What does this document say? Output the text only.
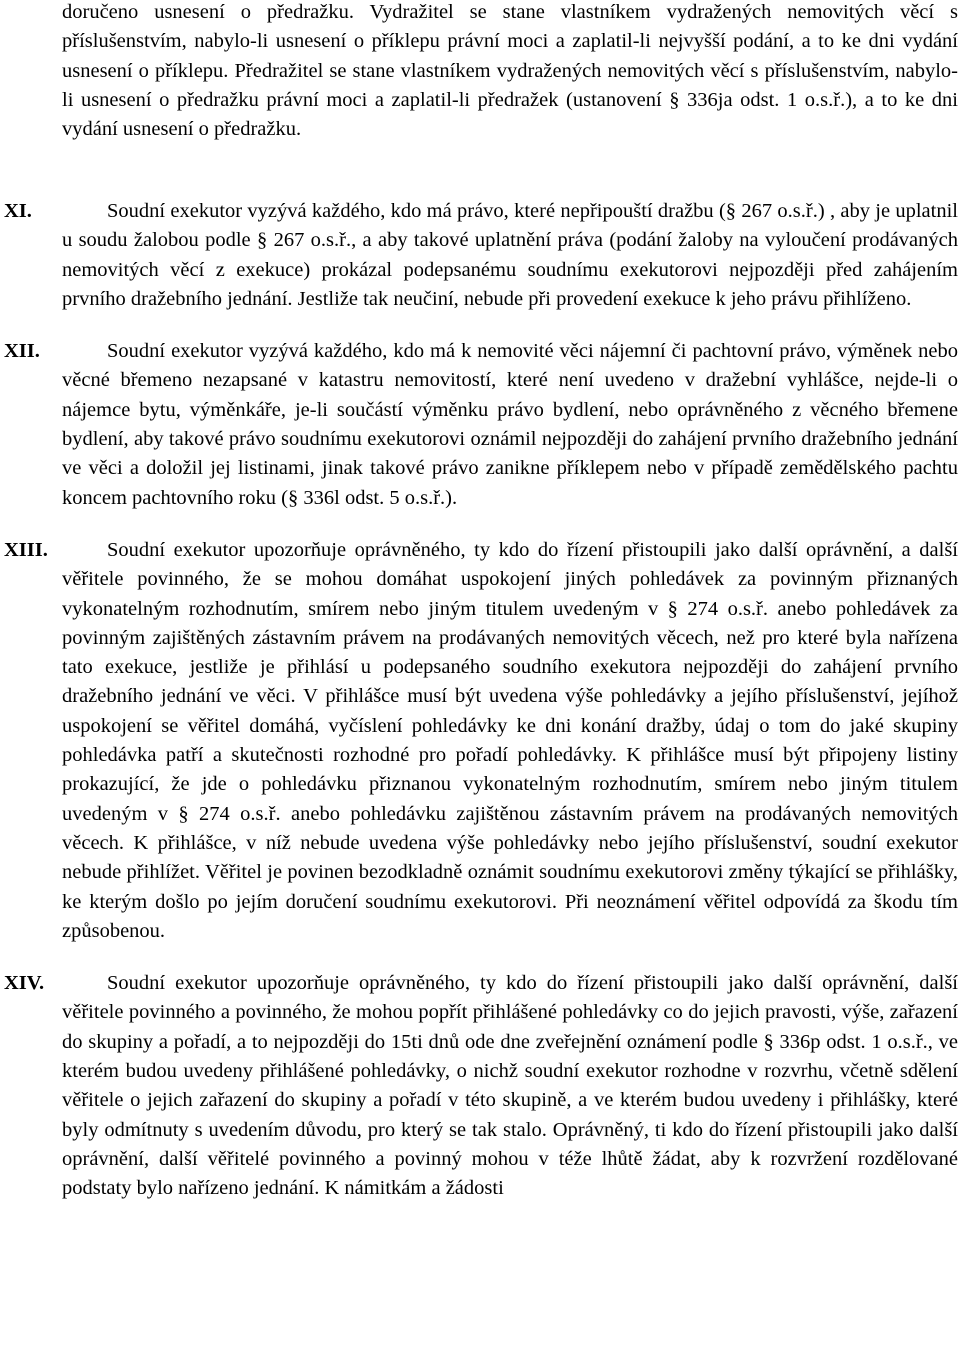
doručeno usnesení o předražku. Vydražitel se stane vlastníkem vydražených nemovitých věcí s příslušenstvím, nabylo-li usnesení o příklepu právní moci a zaplatil-li nejvyšší podání, a to ke dni vydání usnesení o příklepu. Předražitel se stane vlastníkem vydražených nemovitých věcí s příslušenstvím, nabylo-li usnesení o předražku právní moci a zaplatil-li předražek (ustanovení § 336ja odst. 1 o.s.ř.), a to ke dni vydání usnesení o předražku.

XI.	Soudní exekutor vyzývá každého, kdo má právo, které nepřipouští dražbu (§ 267 o.s.ř.) , aby je uplatnil u soudu žalobou podle § 267 o.s.ř., a aby takové uplatnění práva (podání žaloby na vyloučení prodávaných nemovitých věcí z exekuce) prokázal podepsanému soudnímu exekutorovi nejpozději před zahájením prvního dražebního jednání. Jestliže tak neučiní, nebude při provedení exekuce k jeho právu přihlíženo.

XII.	Soudní exekutor vyzývá každého, kdo má k nemovité věci nájemní či pachtovní právo, výměnek nebo věcné břemeno nezapsané v katastru nemovitostí, které není uvedeno v dražební vyhlášce, nejde-li o nájemce bytu, výměnkáře, je-li součástí výměnku právo bydlení, nebo oprávněného z věcného břemene bydlení, aby takové právo soudnímu exekutorovi oznámil nejpozději do zahájení prvního dražebního jednání ve věci a doložil jej listinami, jinak takové právo zanikne příklepem nebo v případě zemědělského pachtu koncem pachtovního roku (§ 336l odst. 5 o.s.ř.).

XIII.	Soudní exekutor upozorňuje oprávněného, ty kdo do řízení přistoupili jako další oprávnění, a další věřitele povinného, že se mohou domáhat uspokojení jiných pohledávek za povinným přiznaných vykonatelným rozhodnutím, smírem nebo jiným titulem uvedeným v § 274 o.s.ř. anebo pohledávek za povinným zajištěných zástavním právem na prodávaných nemovitých věcech, než pro které byla nařízena tato exekuce, jestliže je přihlásí u podepsaného soudního exekutora nejpozději do zahájení prvního dražebního jednání ve věci. V přihlášce musí být uvedena výše pohledávky a jejího příslušenství, jejíhož uspokojení se věřitel domáhá, vyčíslení pohledávky ke dni konání dražby, údaj o tom do jaké skupiny pohledávka patří a skutečnosti rozhodné pro pořadí pohledávky. K přihlášce musí být připojeny listiny prokazující, že jde o pohledávku přiznanou vykonatelným rozhodnutím, smírem nebo jiným titulem uvedeným v § 274 o.s.ř. anebo pohledávku zajištěnou zástavním právem na prodávaných nemovitých věcech. K přihlášce, v níž nebude uvedena výše pohledávky nebo jejího příslušenství, soudní exekutor nebude přihlížet. Věřitel je povinen bezodkladně oznámit soudnímu exekutorovi změny týkající se přihlášky, ke kterým došlo po jejím doručení soudnímu exekutorovi. Při neoznámení věřitel odpovídá za škodu tím způsobenou.

XIV.	Soudní exekutor upozorňuje oprávněného, ty kdo do řízení přistoupili jako další oprávnění, další věřitele povinného a povinného, že mohou popřít přihlášené pohledávky co do jejich pravosti, výše, zařazení do skupiny a pořadí, a to nejpozději do 15ti dnů ode dne zveřejnění oznámení podle § 336p odst. 1 o.s.ř., ve kterém budou uvedeny přihlášené pohledávky, o nichž soudní exekutor rozhodne v rozvrhu, včetně sdělení věřitele o jejich zařazení do skupiny a pořadí v této skupině, a ve kterém budou uvedeny i přihlášky, které byly odmítnuty s uvedením důvodu, pro který se tak stalo. Oprávněný, ti kdo do řízení přistoupili jako další oprávnění, další věřitelé povinného a povinný mohou v téže lhůtě žádat, aby k rozvržení rozdělované podstaty bylo nařízeno jednání. K námitkám a žádosti
